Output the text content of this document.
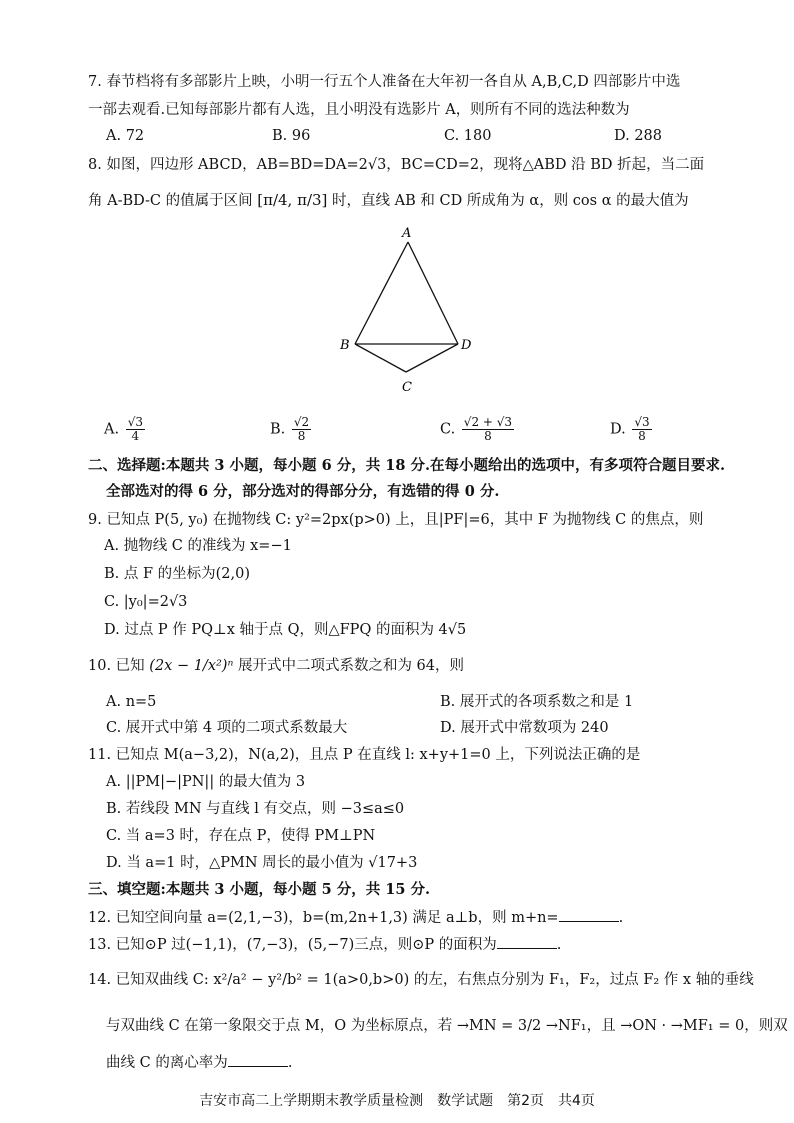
7. 春节档将有多部影片上映，小明一行五个人准备在大年初一各自从 A,B,C,D 四部影片中选
一部去观看.已知每部影片都有人选，且小明没有选影片 A，则所有不同的选法种数为
A. 72	B. 96	C. 180	D. 288
8. 如图，四边形 ABCD，AB=BD=DA=2√3，BC=CD=2，现将△ABD 沿 BD 折起，当二面
角 A-BD-C 的值属于区间 [π/4, π/3] 时，直线 AB 和 CD 所成角为 α，则 cos α 的最大值为
A
B	D
C
A. $\frac{√3}{4}$	B. $\frac{√2}{8}$	C. $\frac{√2 + √3}{8}$	D. $\frac{√3}{8}$
二、选择题:本题共 3 小题，每小题 6 分，共 18 分.在每小题给出的选项中，有多项符合题目要求.
全部选对的得 6 分，部分选对的得部分分，有选错的得 0 分.
9. 已知点 P(5, y₀) 在抛物线 C: y²=2px(p>0) 上，且|PF|=6，其中 F 为抛物线 C 的焦点，则
A. 抛物线 C 的准线为 x=−1
B. 点 F 的坐标为(2,0)
C. |y₀|=2√3
D. 过点 P 作 PQ⊥x 轴于点 Q，则△FPQ 的面积为 4√5
10. 已知 (2x − 1/x²)ⁿ 展开式中二项式系数之和为 64，则
A. n=5	B. 展开式的各项系数之和是 1
C. 展开式中第 4 项的二项式系数最大	D. 展开式中常数项为 240
11. 已知点 M(a−3,2)，N(a,2)，且点 P 在直线 l: x+y+1=0 上，下列说法正确的是
A. ||PM|−|PN|| 的最大值为 3
B. 若线段 MN 与直线 l 有交点，则 −3≤a≤0
C. 当 a=3 时，存在点 P，使得 PM⊥PN
D. 当 a=1 时，△PMN 周长的最小值为 √17+3
三、填空题:本题共 3 小题，每小题 5 分，共 15 分.
12. 已知空间向量 a=(2,1,−3)，b=(m,2n+1,3) 满足 a⊥b，则 m+n=	.
13. 已知⊙P 过(−1,1)，(7,−3)，(5,−7)三点，则⊙P 的面积为	.
14. 已知双曲线 C: x²/a² − y²/b² = 1(a>0,b>0) 的左，右焦点分别为 F₁，F₂，过点 F₂ 作 x 轴的垂线
与双曲线 C 在第一象限交于点 M，O 为坐标原点，若 →MN = 3/2 →NF₁，且 →ON · →MF₁ = 0，则双
曲线 C 的离心率为	.
吉安市高二上学期期末教学质量检测　数学试题　第2页　共4页
